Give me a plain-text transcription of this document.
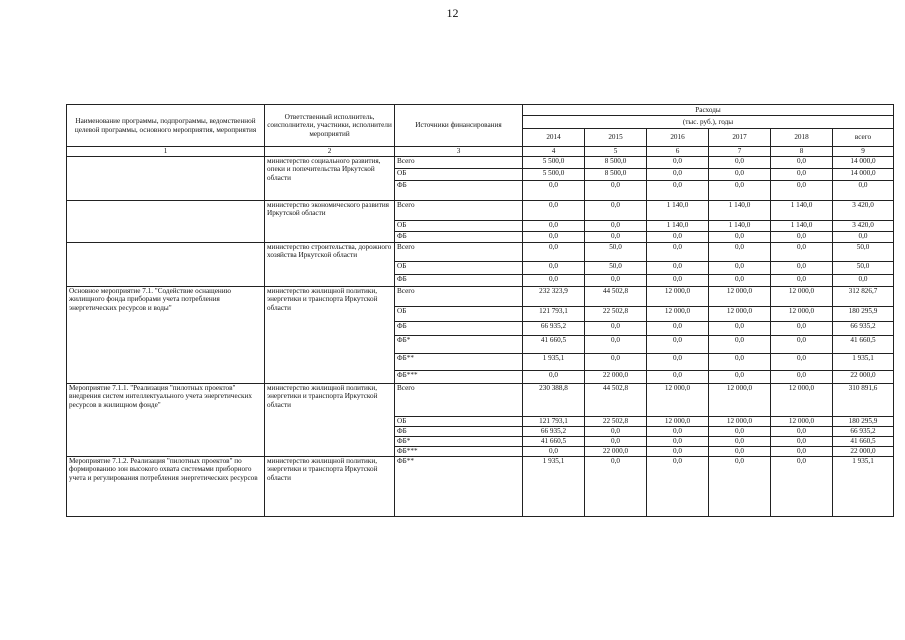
12
Наименование программы, подпрограммы, ведомственной целевой программы, основного мероприятия, мероприятия	Ответственный исполнитель, соисполнители, участники, исполнители мероприятий	Источники финансирования	Расходы					
			(тыс. руб.), годы					
			2014	2015	2016	2017	2018	всего
1	2	3	4	5	6	7	8	9
	министерство социального развития, опеки и попечительства Иркутской области	Всего	5 500,0	8 500,0	0,0	0,0	0,0	14 000,0
		ОБ	5 500,0	8 500,0	0,0	0,0	0,0	14 000,0
		ФБ	0,0	0,0	0,0	0,0	0,0	0,0
	министерство экономического развития Иркутской области	Всего	0,0	0,0	1 140,0	1 140,0	1 140,0	3 420,0
		ОБ	0,0	0,0	1 140,0	1 140,0	1 140,0	3 420,0
		ФБ	0,0	0,0	0,0	0,0	0,0	0,0
	министерство строительства, дорожного хозяйства Иркутской области	Всего	0,0	50,0	0,0	0,0	0,0	50,0
		ОБ	0,0	50,0	0,0	0,0	0,0	50,0
		ФБ	0,0	0,0	0,0	0,0	0,0	0,0
Основное мероприятие 7.1. "Содействие оснащению жилищного фонда приборами учета потребления энергетических ресурсов и воды"	министерство жилищной политики, энергетики и транспорта Иркутской области	Всего	232 323,9	44 502,8	12 000,0	12 000,0	12 000,0	312 826,7
		ОБ	121 793,1	22 502,8	12 000,0	12 000,0	12 000,0	180 295,9
		ФБ	66 935,2	0,0	0,0	0,0	0,0	66 935,2
		ФБ*	41 660,5	0,0	0,0	0,0	0,0	41 660,5
		ФБ**	1 935,1	0,0	0,0	0,0	0,0	1 935,1
		ФБ***	0,0	22 000,0	0,0	0,0	0,0	22 000,0
Мероприятие 7.1.1. "Реализация "пилотных проектов" внедрения систем интеллектуального учета энергетических ресурсов в жилищном фонде"	министерство жилищной политики, энергетики и транспорта Иркутской области	Всего	230 388,8	44 502,8	12 000,0	12 000,0	12 000,0	310 891,6
		ОБ	121 793,1	22 502,8	12 000,0	12 000,0	12 000,0	180 295,9
		ФБ	66 935,2	0,0	0,0	0,0	0,0	66 935,2
		ФБ*	41 660,5	0,0	0,0	0,0	0,0	41 660,5
		ФБ***	0,0	22 000,0	0,0	0,0	0,0	22 000,0
Мероприятие 7.1.2. Реализация "пилотных проектов" по формированию зон высокого охвата системами приборного учета и регулирования потребления энергетических ресурсов	министерство жилищной политики, энергетики и транспорта Иркутской области	ФБ**	1 935,1	0,0	0,0	0,0	0,0	1 935,1
